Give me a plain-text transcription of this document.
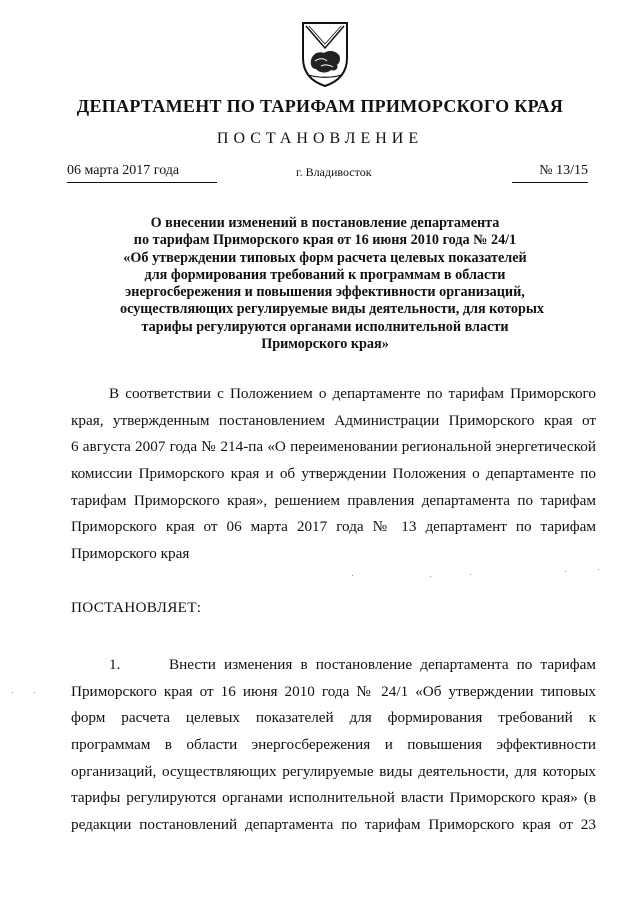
ДЕПАРТАМЕНТ ПО ТАРИФАМ ПРИМОРСКОГО КРАЯ
ПОСТАНОВЛЕНИЕ
06 марта 2017 года	г. Владивосток	№ 13/15
О внесении изменений в постановление департамента
по тарифам Приморского края от 16 июня 2010 года № 24/1
«Об утверждении типовых форм расчета целевых показателей
для формирования требований к программам в области
энергосбережения и повышения эффективности организаций,
осуществляющих регулируемые виды деятельности, для которых
тарифы регулируются органами исполнительной власти
Приморского края»
В соответствии с Положением о департаменте по тарифам Приморского
края, утвержденным постановлением Администрации Приморского края от
6 августа 2007 года № 214-па «О переименовании региональной энергетической
комиссии Приморского края и об утверждении Положения о департаменте по
тарифам Приморского края», решением правления департамента по тарифам
Приморского края от 06 марта 2017 года № 13 департамент по тарифам
Приморского края
ПОСТАНОВЛЯЕТ:
1.      Внести изменения в постановление департамента по тарифам
Приморского края от 16 июня 2010 года № 24/1 «Об утверждении типовых
форм расчета целевых показателей для формирования требований к
программам в области энергосбережения и повышения эффективности
организаций, осуществляющих регулируемые виды деятельности, для которых
тарифы регулируются органами исполнительной власти Приморского края» (в
редакции постановлений департамента по тарифам Приморского края от 23
